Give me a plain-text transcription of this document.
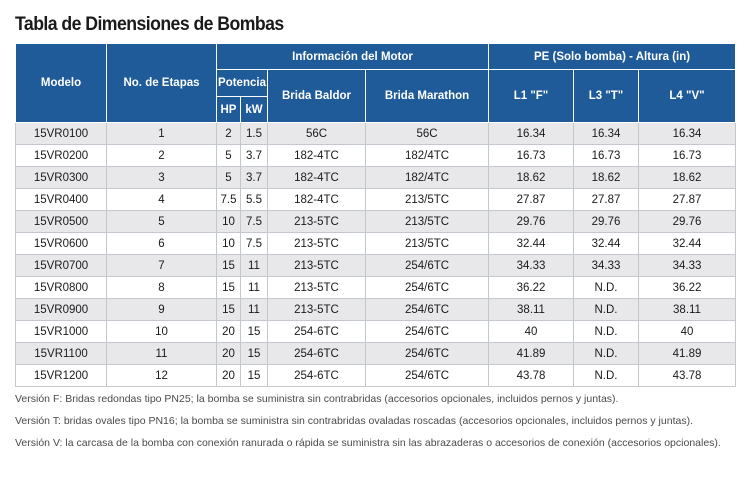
Tabla de Dimensiones de Bombas
Modelo	No. de Etapas	Información del Motor				PE (Solo bomba) - Altura (in)		
		Potencia		Brida Baldor	Brida Marathon	L1 "F"	L3 "T"	L4 "V"
		HP	kW					
15VR0100	1	2	1.5	56C	56C	16.34	16.34	16.34
15VR0200	2	5	3.7	182-4TC	182/4TC	16.73	16.73	16.73
15VR0300	3	5	3.7	182-4TC	182/4TC	18.62	18.62	18.62
15VR0400	4	7.5	5.5	182-4TC	213/5TC	27.87	27.87	27.87
15VR0500	5	10	7.5	213-5TC	213/5TC	29.76	29.76	29.76
15VR0600	6	10	7.5	213-5TC	213/5TC	32.44	32.44	32.44
15VR0700	7	15	11	213-5TC	254/6TC	34.33	34.33	34.33
15VR0800	8	15	11	213-5TC	254/6TC	36.22	N.D.	36.22
15VR0900	9	15	11	213-5TC	254/6TC	38.11	N.D.	38.11
15VR1000	10	20	15	254-6TC	254/6TC	40	N.D.	40
15VR1100	11	20	15	254-6TC	254/6TC	41.89	N.D.	41.89
15VR1200	12	20	15	254-6TC	254/6TC	43.78	N.D.	43.78

Versión F: Bridas redondas tipo PN25; la bomba se suministra sin contrabridas (accesorios opcionales, incluidos pernos y juntas).

Versión T: bridas ovales tipo PN16; la bomba se suministra sin contrabridas ovaladas roscadas (accesorios opcionales, incluidos pernos y juntas).

Versión V: la carcasa de la bomba con conexión ranurada o rápida se suministra sin las abrazaderas o accesorios de conexión (accesorios opcionales).
